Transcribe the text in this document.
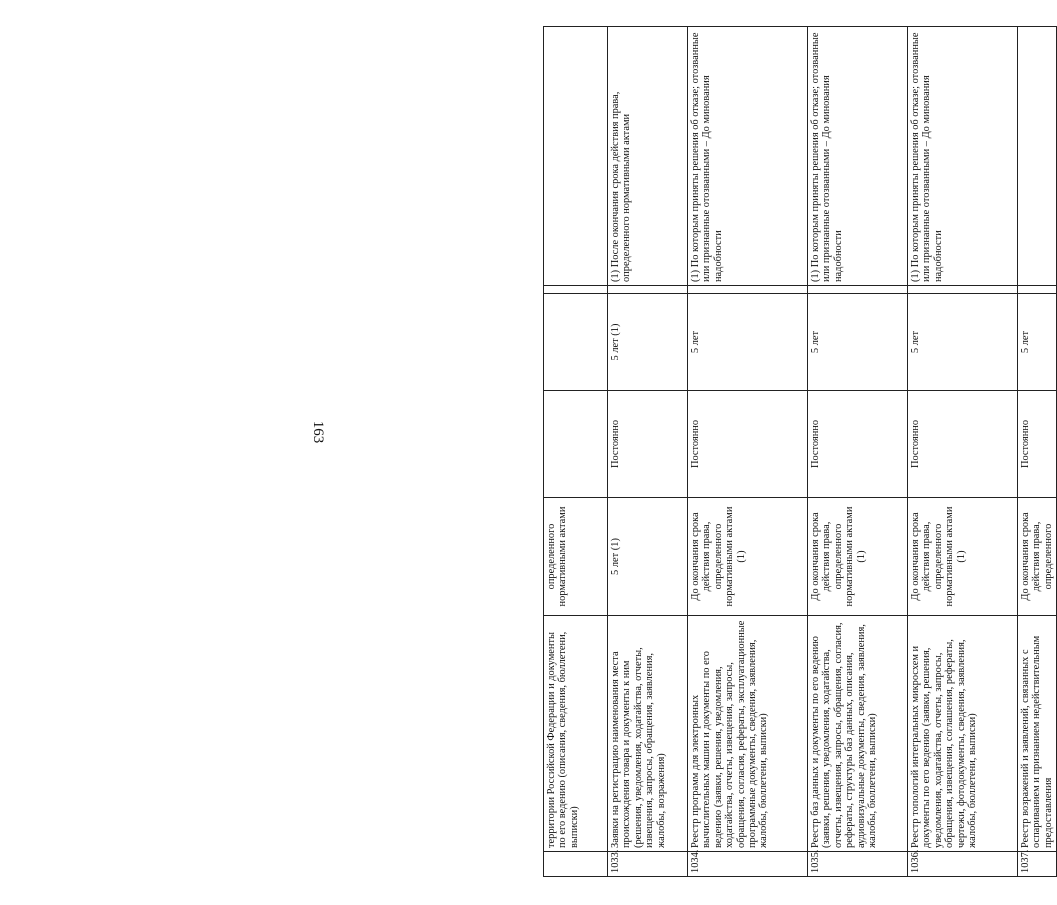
163
	территории Российской Федерации и документы по его ведению (описания, сведения, бюллетени, выписки)	определенного нормативными актами				
1033.	Заявки на регистрацию наименования места происхождения товара и документы к ним (решения, уведомления, ходатайства, отчеты, извещения, запросы, обращения, заявления, жалобы, возражения)	5 лет (1)	Постоянно	5 лет (1)		(1) После окончания срока действия права, определенного нормативными актами
1034.	Реестр программ для электронных вычислительных машин и документы по его ведению (заявки, решения, уведомления, ходатайства, отчеты, извещения, запросы, обращения, согласия, рефераты, эксплуатационные программные документы, сведения, заявления, жалобы, бюллетени, выписки)	До окончания срока действия права, определенного нормативными актами (1)	Постоянно	5 лет		(1) По которым приняты решения об отказе; отозванные или признанные отозванными – До минования надобности
1035.	Реестр баз данных и документы по его ведению (заявки, решения, уведомления, ходатайства, отчеты, извещения, запросы, обращения, согласия, рефераты, структуры баз данных, описания, аудиовизуальные документы, сведения, заявления, жалобы, бюллетени, выписки)	До окончания срока действия права, определенного нормативными актами (1)	Постоянно	5 лет		(1) По которым приняты решения об отказе; отозванные или признанные отозванными – До минования надобности
1036.	Реестр топологий интегральных микросхем и документы по его ведению (заявки, решения, уведомления, ходатайства, отчеты, запросы, обращения, извещения, соглашения, рефераты, чертежи, фотодокументы, сведения, заявления, жалобы, бюллетени, выписки)	До окончания срока действия права, определенного нормативными актами (1)	Постоянно	5 лет		(1) По которым приняты решения об отказе; отозванные или признанные отозванными – До минования надобности
1037.	Реестр возражений и заявлений, связанных с оспариванием и признанием недействительным предоставления	До окончания срока действия права, определенного	Постоянно	5 лет		
